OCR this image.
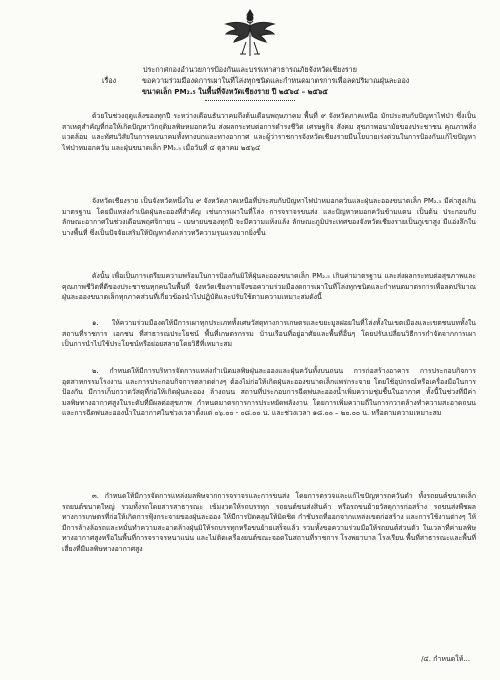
ประกาศกองอำนวยการป้องกันและบรรเทาสาธารณภัยจังหวัดเชียงราย
เรื่อง	ขอความร่วมมืองดการเผาในที่โล่งทุกชนิดและกำหนดมาตรการเพื่อลดปริมาณฝุ่นละออง
ขนาดเล็ก PM₂.₅ ในพื้นที่จังหวัดเชียงราย ปี ๒๕๖๔ – ๒๕๖๕

ด้วยในช่วงฤดูแล้งของทุกปี ระหว่างเดือนธันวาคมถึงต้นเดือนพฤษภาคม พื้นที่ ๙ จังหวัดภาคเหนือ มักประสบกับปัญหาไฟป่า ซึ่งเป็นสาเหตุสำคัญที่ก่อให้เกิดปัญหาวิกฤติมลพิษหมอกควัน ส่งผลกระทบต่อการดำรงชีวิต เศรษฐกิจ สังคม สุขภาพอนามัยของประชาชน คุณภาพสิ่งแวดล้อม และทัศนวิสัยในการคมนาคมทั้งทางบกและทางอากาศ และผู้ว่าราชการจังหวัดเชียงรายมีนโยบายเร่งด่วนในการป้องกันแก้ไขปัญหาไฟป่าหมอกควัน และฝุ่นขนาดเล็ก PM₂.₅ เมื่อวันที่ ๔ ตุลาคม ๒๕๖๔

จังหวัดเชียงราย เป็นจังหวัดหนึ่งใน ๙ จังหวัดภาคเหนือที่ประสบกับปัญหาไฟป่าหมอกควันและฝุ่นละอองขนาดเล็ก PM₂.₅ มีค่าสูงเกินมาตรฐาน โดยมีแหล่งกำเนิดฝุ่นละอองที่สำคัญ เช่นการเผาในที่โล่ง การจราจรขนส่ง และปัญหาหมอกควันข้ามแดน เป็นต้น ประกอบกับลักษณะอากาศในช่วงเดือนพฤศจิกายน – เมษายนของทุกปี จะมีความแห้งแล้ง ลักษณะภูมิประเทศของจังหวัดเชียงรายเป็นภูเขาสูง มีแอ่งลึกในบางพื้นที่ ซึ่งเป็นปัจจัยเสริมให้ปัญหาดังกล่าวทวีความรุนแรงมากยิ่งขึ้น

ดังนั้น เพื่อเป็นการเตรียมความพร้อมในการป้องกันมิให้ฝุ่นละอองขนาดเล็ก PM₂.₅ เกินค่ามาตรฐาน และส่งผลกระทบต่อสุขภาพและคุณภาพชีวิตที่ดีของประชาชนทุกคนในพื้นที่ จังหวัดเชียงรายจึงขอความร่วมมืองดการเผาในที่โล่งทุกชนิดและกำหนดมาตรการเพื่อลดปริมาณฝุ่นละอองขนาดเล็กทุกภาคส่วนที่เกี่ยวข้องนำไปปฏิบัติและปรับใช้ตามความเหมาะสมดังนี้

๑. ให้ความร่วมมืองดให้มีการเผาทุกประเภททั้งเศษวัสดุทางการเกษตรและขยะมูลฝอยในที่โล่งทั้งในเขตเมืองและเขตชนบททั้งในสถานที่ราชการ เอกชน ที่สาธารณประโยชน์ พื้นที่เกษตรกรรม บ้านเรือนที่อยู่อาศัยและพื้นที่อื่นๆ โดยปรับเปลี่ยนวิธีการกำจัดจากการเผาเป็นการนำไปใช้ประโยชน์หรือย่อยสลายโดยวิธีที่เหมาะสม

๒. กำหนดให้มีการบริหารจัดการแหล่งกำเนิดมลพิษฝุ่นละอองและฝุ่นควันทั้งบนถนน การก่อสร้างอาคาร การประกอบกิจการอุตสาหกรรมโรงงาน และการประกอบกิจการตลาดต่างๆ ต้องไม่ก่อให้เกิดฝุ่นละอองขนาดเล็กแพร่กระจาย โดยใช้อุปกรณ์หรือเครื่องมือในการป้องกัน มีการเก็บกวาดวัสดุที่ก่อให้เกิดฝุ่นละออง ล้างถนน สถานที่ประกอบการฉีดพ่นละอองน้ำเพิ่มความชุ่มชื้นในอากาศ ทั้งนี้ในช่วงที่มีค่ามลพิษทางอากาศสูงในระดับที่มีผลต่อสุขภาพ กำหนดมาตรการการประหยัดพลังงาน โดยการเพิ่มความถี่ในการกวาดล้างทำความสะอาดถนนและการฉีดพ่นละอองน้ำในอากาศในช่วงเวลาตั้งแต่ ๐๖.๐๐ - ๐๘.๐๐ น. และช่วงเวลา ๑๘.๐๐ – ๒๐.๐๐ น. หรือตามความเหมาะสม

๓. กำหนดให้มีการจัดการแหล่งมลพิษจากการจราจรและการขนส่ง โดยการตรวจและแก้ไขปัญหารถควันดำ ทั้งรถยนต์ขนาดเล็ก รถยนต์ขนาดใหญ่ รวมทั้งรถโดยสารสาธารณะ เข้มงวดให้รถบรรทุก รถยนต์ขนส่งสินค้า หรือรถขนย้ายวัสดุการก่อสร้าง รถขนส่งพืชผลทางการเกษตรที่ก่อให้เกิดการฟุ้งกระจายของฝุ่นละออง ให้มีการปิดคลุมให้มิดชิด กำชับรถที่ออกจากแหล่งเขตก่อสร้าง และการใช้งานต่างๆ ให้มีการล้างล้อรถและหมั่นทำความสะอาดล้างฝุ่นมิให้รถบรรทุกหรือขนย้ายเสร็จแล้ว รวมทั้งขอความร่วมมือให้รถยนต์ส่วนตัว ในเวลาที่ค่ามลพิษทางอากาศสูงหรือในพื้นที่การจราจรหนาแน่น และไม่ติดเครื่องยนต์ขณะจอดในสถานที่ราชการ โรงพยาบาล โรงเรียน พื้นที่สาธารณะและพื้นที่เสี่ยงที่มีมลพิษทางอากาศสูง

/๔. กำหนดให้...
